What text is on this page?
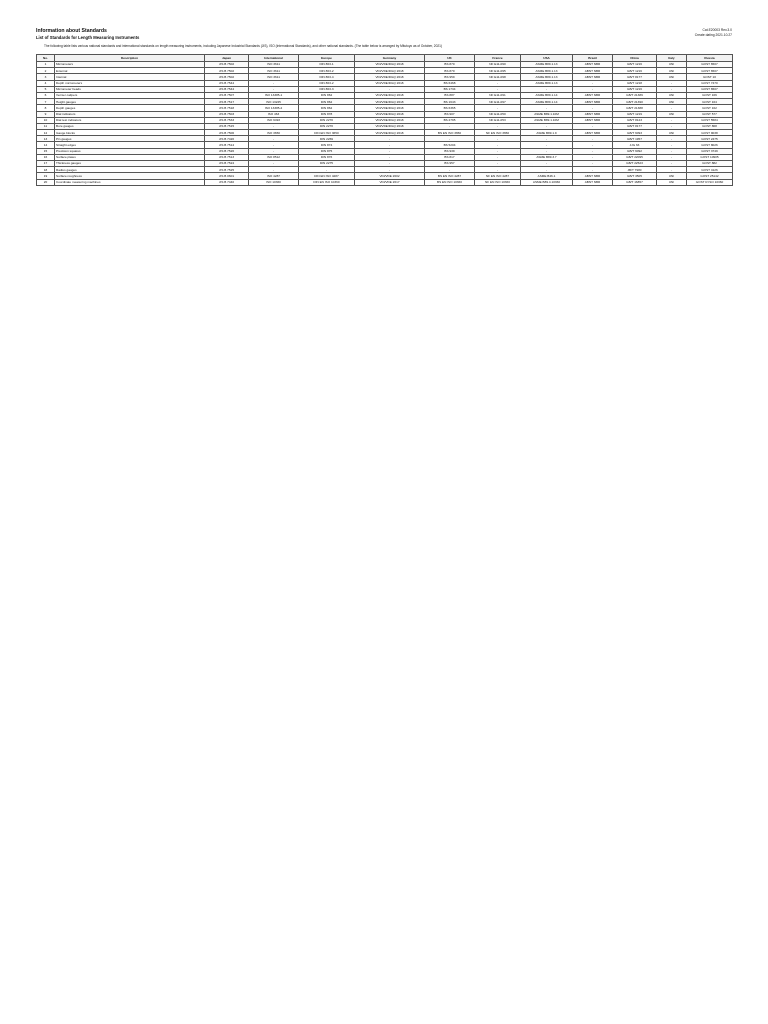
Information about Standards
List of Standards for Length Measuring Instruments
The following table lists various national standards and international standards on length measuring instruments, including Japanese Industrial Standards (JIS), ISO (International Standards), and other national standards. (The table below is arranged by Mitutoyo as of October, 2021)
Cat.E20003 Rev.3.0
Create dating 2021.10.27
No.	Description	Japan	International	Europe	Germany	UK	France	USA	Brazil	China	Italy	Russia
1	Micrometers	JIS B 7502	ISO 3611	DIN 863-1	VDI/VDE/DGQ 2618	BS 870	NF E11-090	ASME B89.1.13	ABNT NBR	GB/T 1216	UNI	GOST 6507
2	External	JIS B 7502	ISO 3611	DIN 863-2	VDI/VDE/DGQ 2618	BS 870	NF E11-095	ASME B89.1.13	ABNT NBR	GB/T 1216	UNI	GOST 6507
3	Internal	JIS B 7502	ISO 3611	DIN 863-4	VDI/VDE/DGQ 2618	BS 959	NF E11-098	ASME B89.1.13	ABNT NBR	GB/T 8177	UNI	GOST 10
4	Depth micrometers	JIS B 7544	-	DIN 863-2	VDI/VDE/DGQ 2618	BS 6468	-	ASME B89.1.13	-	GB/T 1218	-	GOST 7470
5	Micrometer heads	JIS B 7544	-	DIN 863-3	-	BS 1734	-	-	-	GB/T 1216	-	GOST 6507
6	Vernier calipers	JIS B 7507	ISO 13385-1	DIN 862	VDI/VDE/DGQ 2618	BS 887	NF E11-091	ASME B89.1.14	ABNT NBR	GB/T 21389	UNI	GOST 166
7	Height gauges	JIS B 7517	ISO 13225	DIN 862	VDI/VDE/DGQ 2618	BS 1643	NF E11-097	ASME B89.1.14	ABNT NBR	GB/T 21390	UNI	GOST 164
8	Depth gauges	JIS B 7518	ISO 13385-2	DIN 862	VDI/VDE/DGQ 2618	BS 6365	-	-	-	GB/T 21388	-	GOST 162
9	Dial indicators	JIS B 7503	ISO 463	DIN 878	VDI/VDE/DGQ 2618	BS 907	NF E11-050	ASME B89.1.10M	ABNT NBR	GB/T 1219	UNI	GOST 577
10	Dial test indicators	JIS B 7533	ISO 9493	DIN 2270	VDI/VDE/DGQ 2618	BS 2795	NF E11-053	ASME B89.1.10M	ABNT NBR	GB/T 8123	-	GOST 5584
11	Bore gauges	JIS B 7515	-	DIN 2270	VDI/VDE/DGQ 2618	-	-	-	-	GB/T 8177	-	GOST 868
12	Gauge blocks	JIS B 7506	ISO 3650	DIN EN ISO 3650	VDI/VDE/DGQ 2618	BS EN ISO 3650	NF EN ISO 3650	ASME B89.1.9	ABNT NBR	GB/T 6093	UNI	GOST 9038
13	Pin gauges	JIS B 7420	-	DIN 2269	-	-	-	-	-	GB/T 1957	-	GOST 2475
14	Straight edges	JIS B 7514	-	DIN 874	-	BS 5204	-	-	-	JJG 63	-	GOST 8026
15	Precision squares	JIS B 7526	-	DIN 875	-	BS 939	-	-	-	GB/T 6092	-	GOST 3749
16	Surface plates	JIS B 7513	ISO 8512	DIN 876	-	BS 817	-	ASME B89.3.7	-	GB/T 22095	-	GOST 10905
17	Thickness gauges	JIS B 7524	-	DIN 2275	-	BS 957	-	-	-	GB/T 22523	-	GOST 882
18	Radius gauges	JIS B 7525	-	-	-	-	-	-	-	JB/T 7980	-	GOST 4126
19	Surface roughness	JIS B 0601	ISO 4287	DIN EN ISO 4287	VDI/VDE 2602	BS EN ISO 4287	NF EN ISO 4287	ASME B46.1	ABNT NBR	GB/T 3505	UNI	GOST 25142
20	Coordinate measuring machines	JIS B 7440	ISO 10360	DIN EN ISO 10360	VDI/VDE 2617	BS EN ISO 10360	NF EN ISO 10360	ASME B89.4.10360	ABNT NBR	GB/T 16857	UNI	GOST R ISO 10360
